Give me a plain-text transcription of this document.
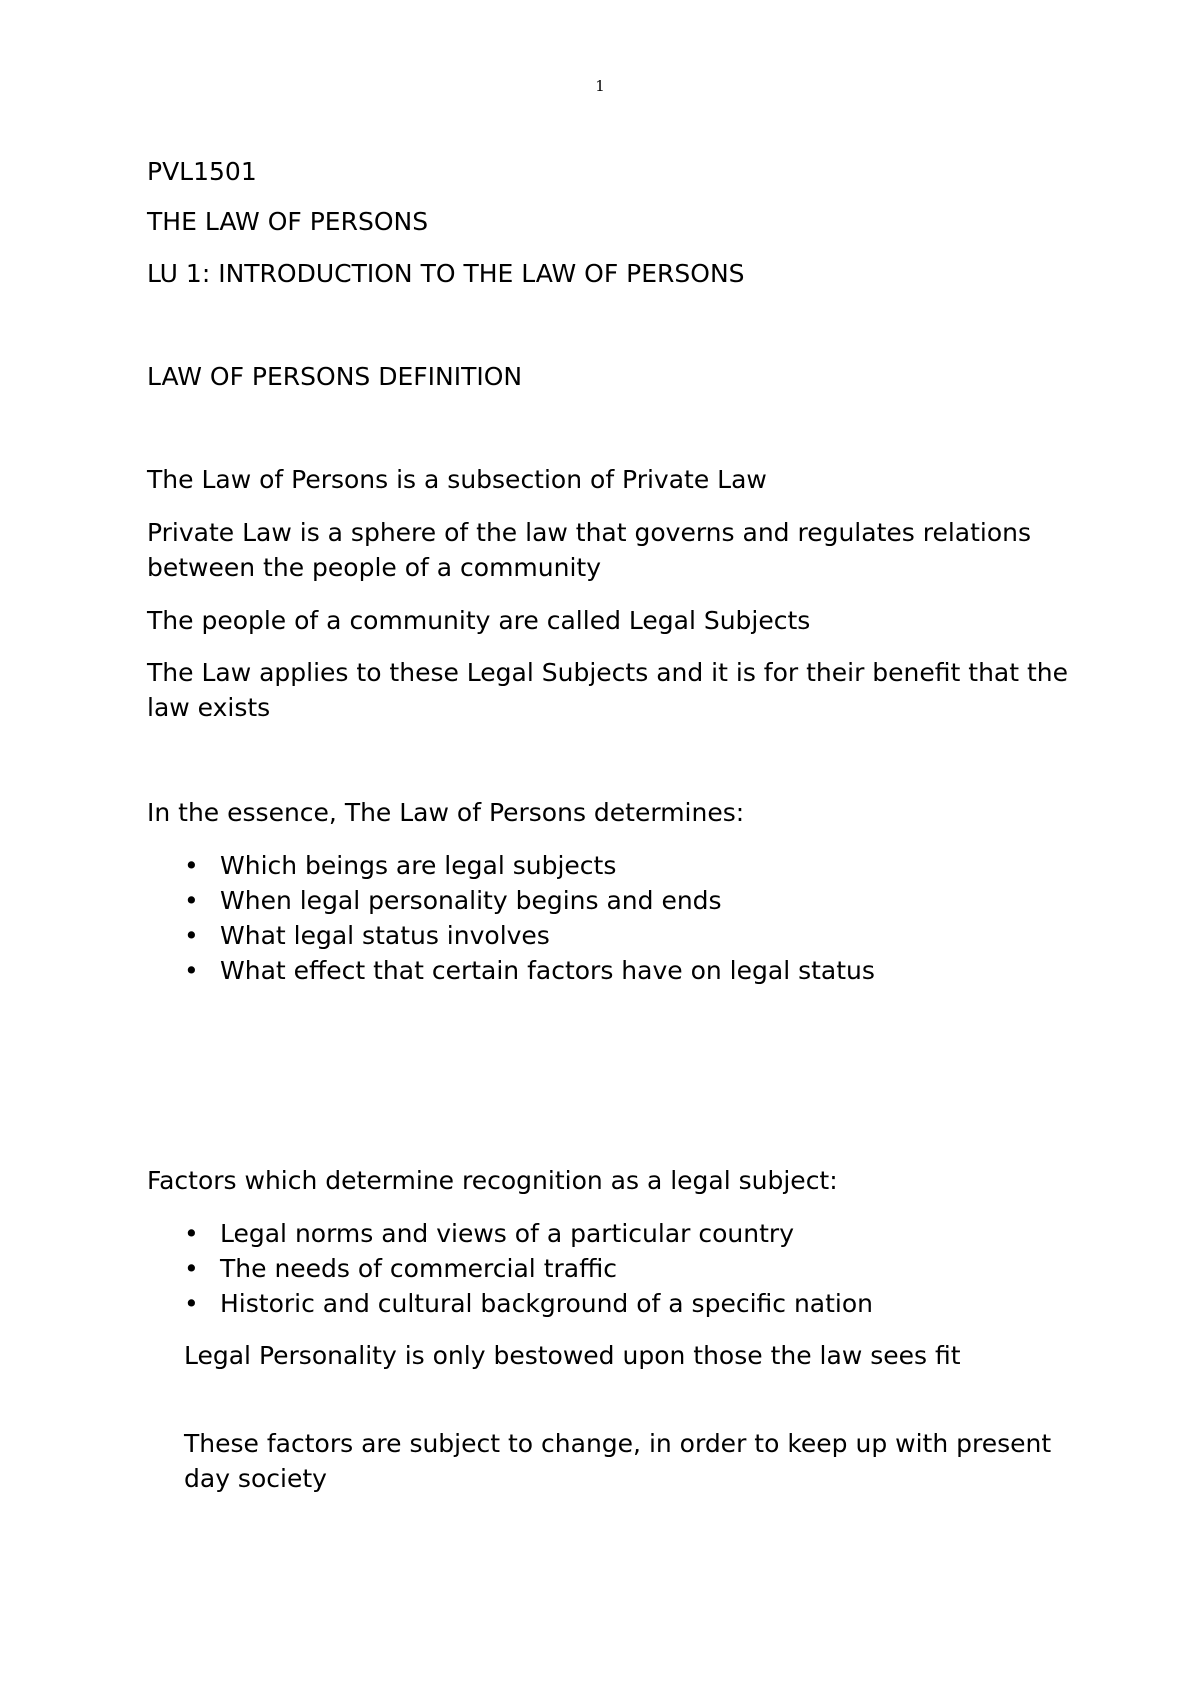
1

PVL1501

THE LAW OF PERSONS

LU 1: INTRODUCTION TO THE LAW OF PERSONS

LAW OF PERSONS DEFINITION

The Law of Persons is a subsection of Private Law

Private Law is a sphere of the law that governs and regulates relations between the people of a community

The people of a community are called Legal Subjects

The Law applies to these Legal Subjects and it is for their benefit that the law exists

In the essence, The Law of Persons determines:

• Which beings are legal subjects
• When legal personality begins and ends
• What legal status involves
• What effect that certain factors have on legal status

Factors which determine recognition as a legal subject:

• Legal norms and views of a particular country
• The needs of commercial traffic
• Historic and cultural background of a specific nation

Legal Personality is only bestowed upon those the law sees fit

These factors are subject to change, in order to keep up with present day society
